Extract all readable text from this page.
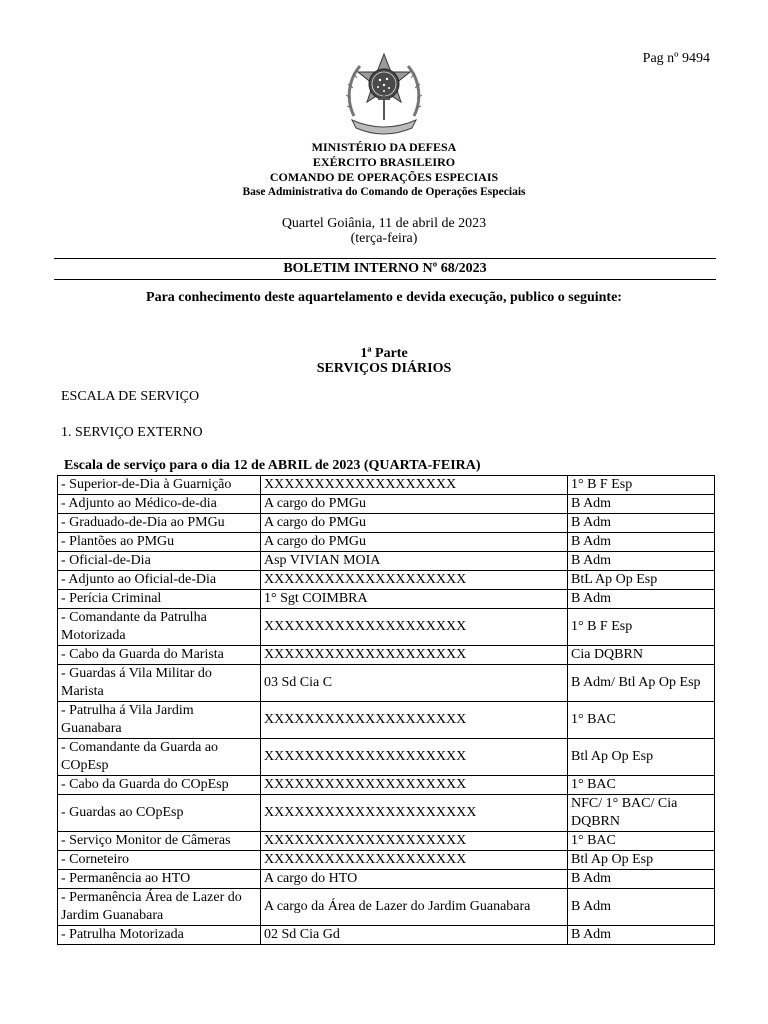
Pag nº 9494
MINISTÉRIO DA DEFESA
EXÉRCITO BRASILEIRO
COMANDO DE OPERAÇÕES ESPECIAIS
Base Administrativa do Comando de Operações Especiais
Quartel Goiânia, 11 de abril de 2023
(terça-feira)
BOLETIM INTERNO Nº 68/2023
Para conhecimento deste aquartelamento e devida execução, publico o seguinte:
1ª Parte
SERVIÇOS DIÁRIOS
ESCALA DE SERVIÇO
1. SERVIÇO EXTERNO
Escala de serviço para o dia 12 de ABRIL de 2023 (QUARTA-FEIRA)
- Superior-de-Dia à Guarnição	XXXXXXXXXXXXXXXXXXX	1° B F Esp
- Adjunto ao Médico-de-dia	A cargo do PMGu	B Adm
- Graduado-de-Dia ao PMGu	A cargo do PMGu	B Adm
- Plantões ao PMGu	A cargo do PMGu	B Adm
- Oficial-de-Dia	Asp VIVIAN MOIA	B Adm
- Adjunto ao Oficial-de-Dia	XXXXXXXXXXXXXXXXXXXX	BtL Ap Op Esp
- Perícia Criminal	1° Sgt COIMBRA	B Adm
- Comandante da Patrulha Motorizada	XXXXXXXXXXXXXXXXXXXX	1° B F Esp
- Cabo da Guarda do Marista	XXXXXXXXXXXXXXXXXXXX	Cia DQBRN
- Guardas á Vila Militar do Marista	03 Sd Cia C	B Adm/ Btl Ap Op Esp
- Patrulha á Vila Jardim Guanabara	XXXXXXXXXXXXXXXXXXXX	1° BAC
- Comandante da Guarda ao COpEsp	XXXXXXXXXXXXXXXXXXXX	Btl Ap Op Esp
- Cabo da Guarda do COpEsp	XXXXXXXXXXXXXXXXXXXX	1° BAC
- Guardas ao COpEsp	XXXXXXXXXXXXXXXXXXXXX	NFC/ 1° BAC/ Cia DQBRN
- Serviço Monitor de Câmeras	XXXXXXXXXXXXXXXXXXXX	1° BAC
- Corneteiro	XXXXXXXXXXXXXXXXXXXX	Btl Ap Op Esp
- Permanência ao HTO	A cargo do HTO	B Adm
- Permanência Área de Lazer do Jardim Guanabara	A cargo da Área de Lazer do Jardim Guanabara	B Adm
- Patrulha Motorizada	02 Sd Cia Gd	B Adm
